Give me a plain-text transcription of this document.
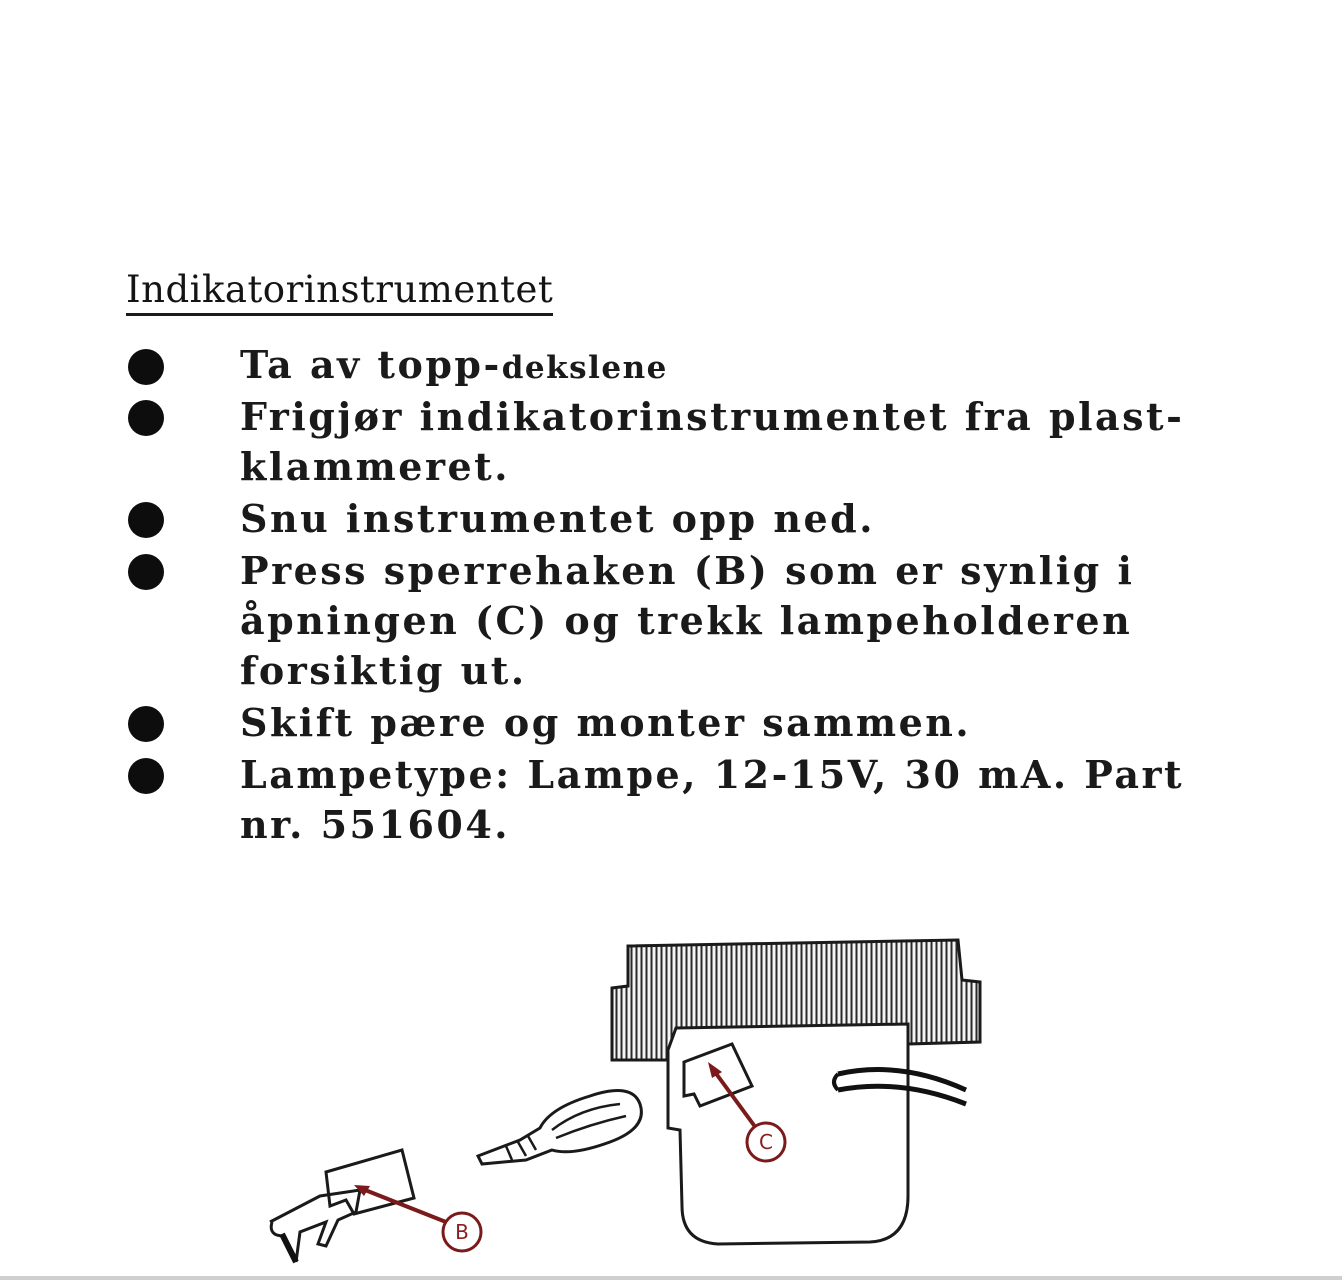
Indikatorinstrumentet
Ta av topp-dekslene
Frigjør indikatorinstrumentet fra plast-
klammeret.
Snu instrumentet opp ned.
Press sperrehaken (B) som er synlig i
åpningen (C) og trekk lampeholderen
forsiktig ut.
Skift pære og monter sammen.
Lampetype: Lampe, 12-15V, 30 mA. Part
nr. 551604.
C
B
